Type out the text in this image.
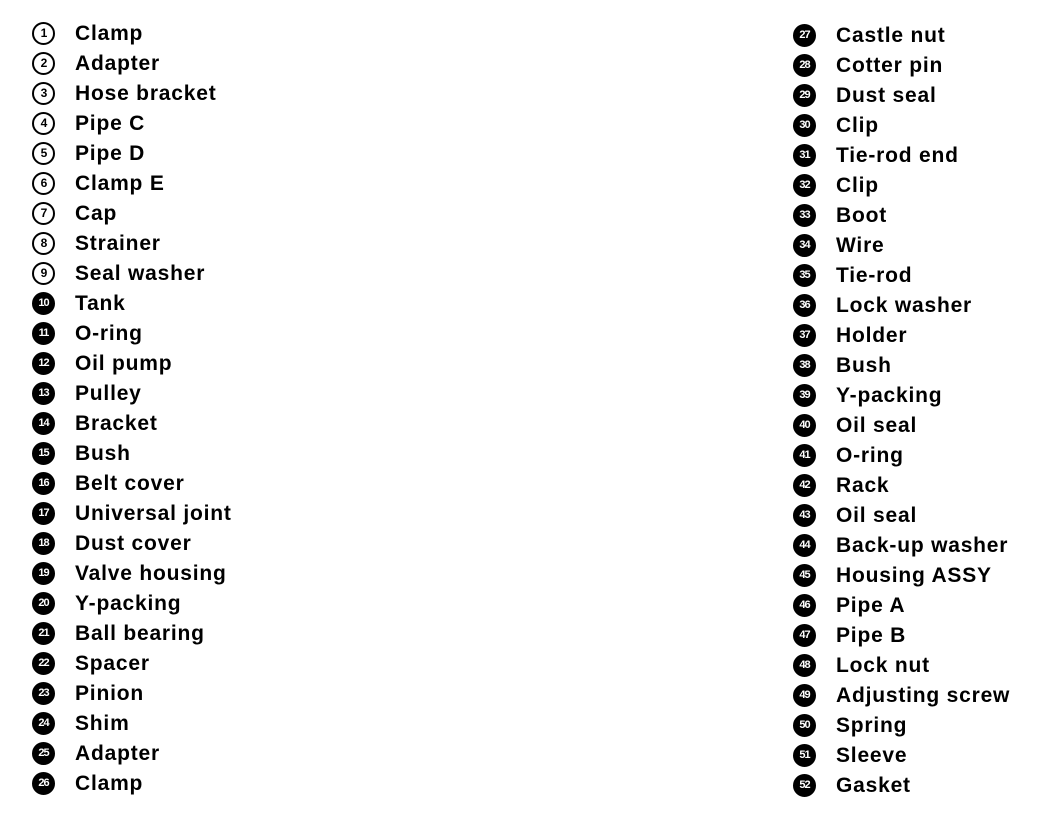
1	Clamp
2	Adapter
3	Hose bracket
4	Pipe C
5	Pipe D
6	Clamp E
7	Cap
8	Strainer
9	Seal washer
10	Tank
11	O-ring
12	Oil pump
13	Pulley
14	Bracket
15	Bush
16	Belt cover
17	Universal joint
18	Dust cover
19	Valve housing
20	Y-packing
21	Ball bearing
22	Spacer
23	Pinion
24	Shim
25	Adapter
26	Clamp
27	Castle nut
28	Cotter pin
29	Dust seal
30	Clip
31	Tie-rod end
32	Clip
33	Boot
34	Wire
35	Tie-rod
36	Lock washer
37	Holder
38	Bush
39	Y-packing
40	Oil seal
41	O-ring
42	Rack
43	Oil seal
44	Back-up washer
45	Housing ASSY
46	Pipe A
47	Pipe B
48	Lock nut
49	Adjusting screw
50	Spring
51	Sleeve
52	Gasket
